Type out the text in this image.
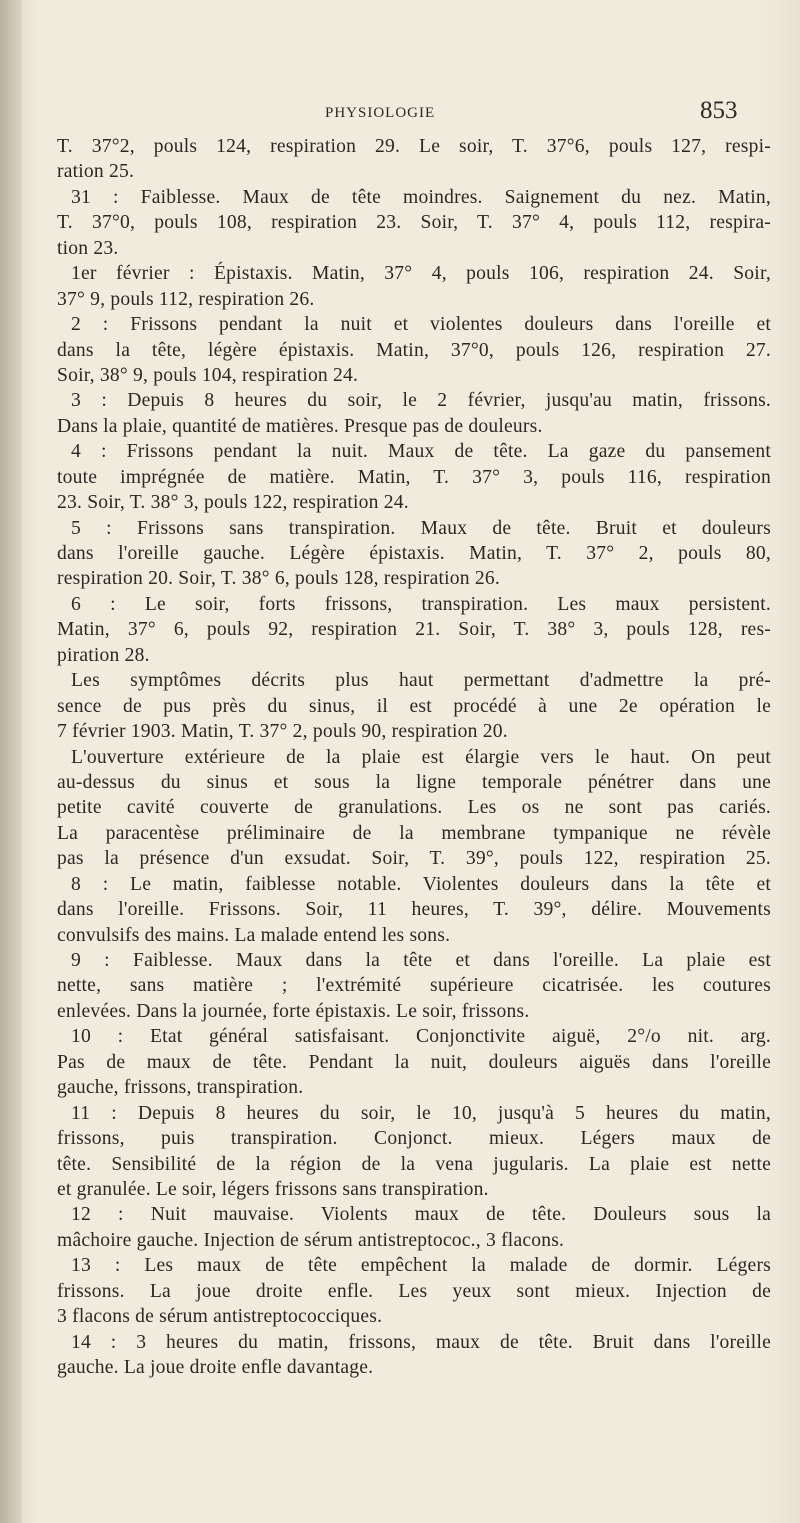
PHYSIOLOGIE	853
T. 37°2, pouls 124, respiration 29. Le soir, T. 37°6, pouls 127, respi-
ration 25.
31 : Faiblesse. Maux de tête moindres. Saignement du nez. Matin,
T. 37°0, pouls 108, respiration 23. Soir, T. 37° 4, pouls 112, respira-
tion 23.
1er février : Épistaxis. Matin, 37° 4, pouls 106, respiration 24. Soir,
37° 9, pouls 112, respiration 26.
2 : Frissons pendant la nuit et violentes douleurs dans l'oreille et
dans la tête, légère épistaxis. Matin, 37°0, pouls 126, respiration 27.
Soir, 38° 9, pouls 104, respiration 24.
3 : Depuis 8 heures du soir, le 2 février, jusqu'au matin, frissons.
Dans la plaie, quantité de matières. Presque pas de douleurs.
4 : Frissons pendant la nuit. Maux de tête. La gaze du pansement
toute imprégnée de matière. Matin, T. 37° 3, pouls 116, respiration
23. Soir, T. 38° 3, pouls 122, respiration 24.
5 : Frissons sans transpiration. Maux de tête. Bruit et douleurs
dans l'oreille gauche. Légère épistaxis. Matin, T. 37° 2, pouls 80,
respiration 20. Soir, T. 38° 6, pouls 128, respiration 26.
6 : Le soir, forts frissons, transpiration. Les maux persistent.
Matin, 37° 6, pouls 92, respiration 21. Soir, T. 38° 3, pouls 128, res-
piration 28.
Les symptômes décrits plus haut permettant d'admettre la pré-
sence de pus près du sinus, il est procédé à une 2e opération le
7 février 1903. Matin, T. 37° 2, pouls 90, respiration 20.
L'ouverture extérieure de la plaie est élargie vers le haut. On peut
au-dessus du sinus et sous la ligne temporale pénétrer dans une
petite cavité couverte de granulations. Les os ne sont pas cariés.
La paracentèse préliminaire de la membrane tympanique ne révèle
pas la présence d'un exsudat. Soir, T. 39°, pouls 122, respiration 25.
8 : Le matin, faiblesse notable. Violentes douleurs dans la tête et
dans l'oreille. Frissons. Soir, 11 heures, T. 39°, délire. Mouvements
convulsifs des mains. La malade entend les sons.
9 : Faiblesse. Maux dans la tête et dans l'oreille. La plaie est
nette, sans matière ; l'extrémité supérieure cicatrisée. les coutures
enlevées. Dans la journée, forte épistaxis. Le soir, frissons.
10 : Etat général satisfaisant. Conjonctivite aiguë, 2°/o nit. arg.
Pas de maux de tête. Pendant la nuit, douleurs aiguës dans l'oreille
gauche, frissons, transpiration.
11 : Depuis 8 heures du soir, le 10, jusqu'à 5 heures du matin,
frissons, puis transpiration. Conjonct. mieux. Légers maux de
tête. Sensibilité de la région de la vena jugularis. La plaie est nette
et granulée. Le soir, légers frissons sans transpiration.
12 : Nuit mauvaise. Violents maux de tête. Douleurs sous la
mâchoire gauche. Injection de sérum antistreptococ., 3 flacons.
13 : Les maux de tête empêchent la malade de dormir. Légers
frissons. La joue droite enfle. Les yeux sont mieux. Injection de
3 flacons de sérum antistreptococciques.
14 : 3 heures du matin, frissons, maux de tête. Bruit dans l'oreille
gauche. La joue droite enfle davantage.
